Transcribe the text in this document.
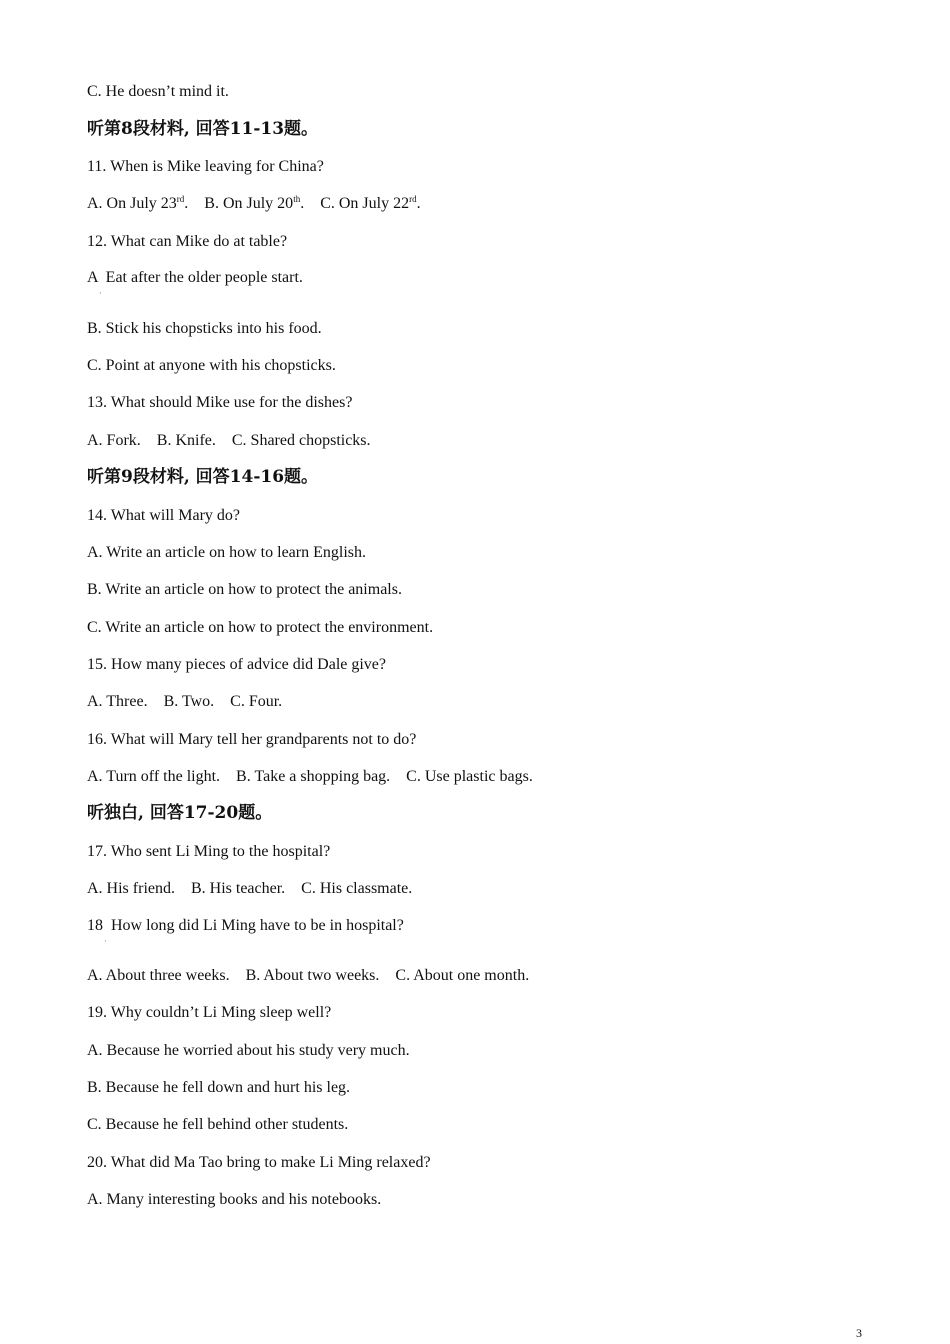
C. He doesn’t mind it.
听第8段材料, 回答11-13题。
11. When is Mike leaving for China?
A. On July 23rd. B. On July 20th. C. On July 22rd.
12. What can Mike do at table?
A  Eat after the older people start.
·
B. Stick his chopsticks into his food.
C. Point at anyone with his chopsticks.
13. What should Mike use for the dishes?
A. Fork.    B. Knife.    C. Shared chopsticks.
听第9段材料, 回答14-16题。
14. What will Mary do?
A. Write an article on how to learn English.
B. Write an article on how to protect the animals.
C. Write an article on how to protect the environment.
15. How many pieces of advice did Dale give?
A. Three.    B. Two.    C. Four.
16. What will Mary tell her grandparents not to do?
A. Turn off the light.    B. Take a shopping bag.    C. Use plastic bags.
听独白, 回答17-20题。
17. Who sent Li Ming to the hospital?
A. His friend.    B. His teacher.    C. His classmate.
18  How long did Li Ming have to be in hospital?
·
A. About three weeks.    B. About two weeks.    C. About one month.
19. Why couldn’t Li Ming sleep well?
A. Because he worried about his study very much.
B. Because he fell down and hurt his leg.
C. Because he fell behind other students.
20. What did Ma Tao bring to make Li Ming relaxed?
A. Many interesting books and his notebooks.
3
